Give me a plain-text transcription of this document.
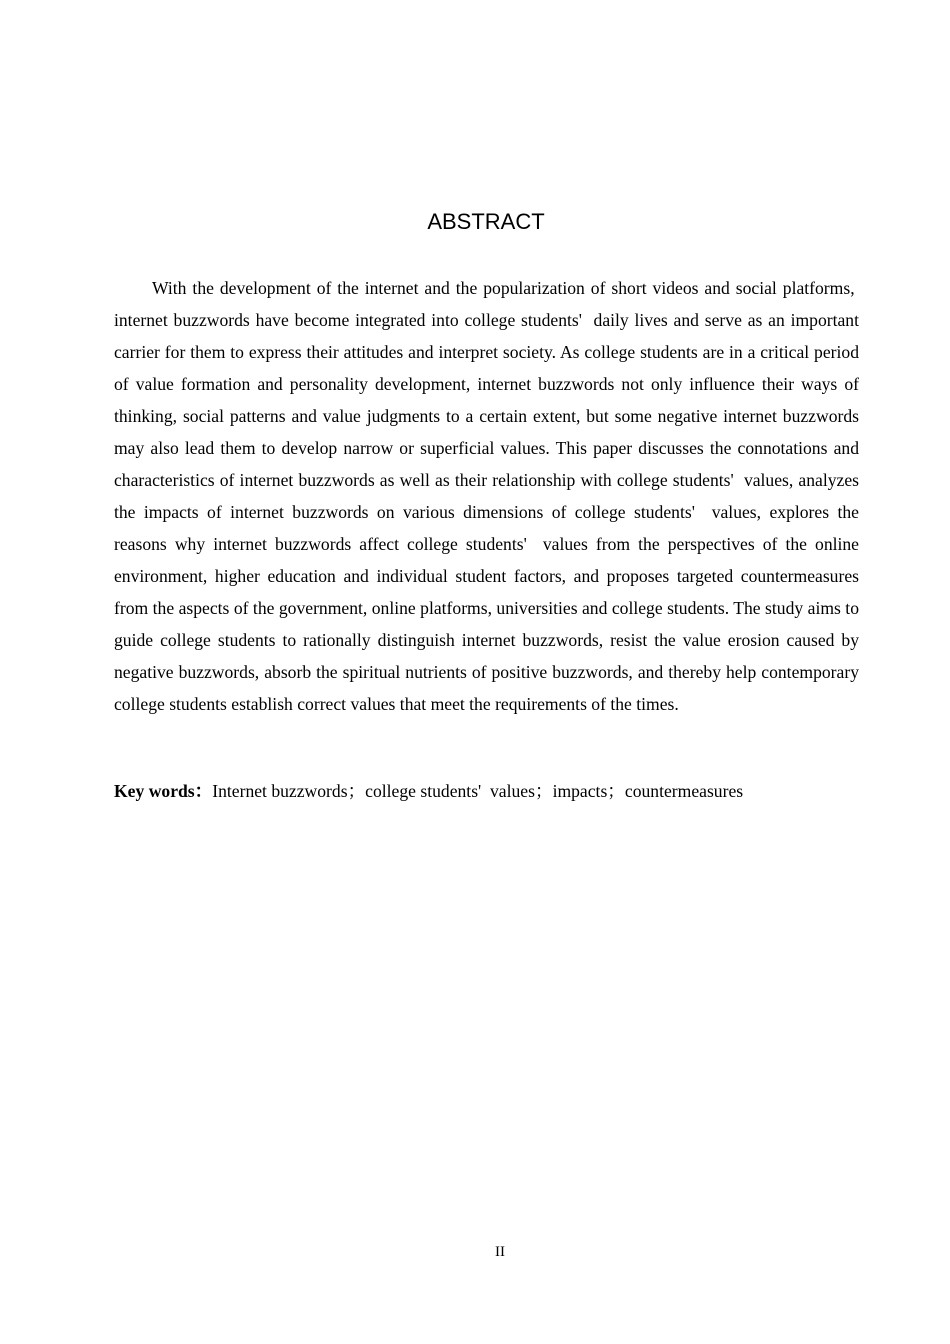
ABSTRACT

With the development of the internet and the popularization of short videos and social platforms,  internet buzzwords have become integrated into college students'  daily lives and serve as an important carrier for them to express their attitudes and interpret society. As college students are in a critical period of value formation and personality development, internet buzzwords not only influence their ways of thinking, social patterns and value judgments to a certain extent, but some negative internet buzzwords may also lead them to develop narrow or superficial values. This paper discusses the connotations and characteristics of internet buzzwords as well as their relationship with college students'  values, analyzes the impacts of internet buzzwords on various dimensions of college students'  values, explores the reasons why internet buzzwords affect college students'  values from the perspectives of the online environment, higher education and individual student factors, and proposes targeted countermeasures from the aspects of the government, online platforms, universities and college students. The study aims to guide college students to rationally distinguish internet buzzwords, resist the value erosion caused by negative buzzwords, absorb the spiritual nutrients of positive buzzwords, and thereby help contemporary college students establish correct values that meet the requirements of the times.

Key words：Internet buzzwords；college students'  values；impacts；countermeasures

II
